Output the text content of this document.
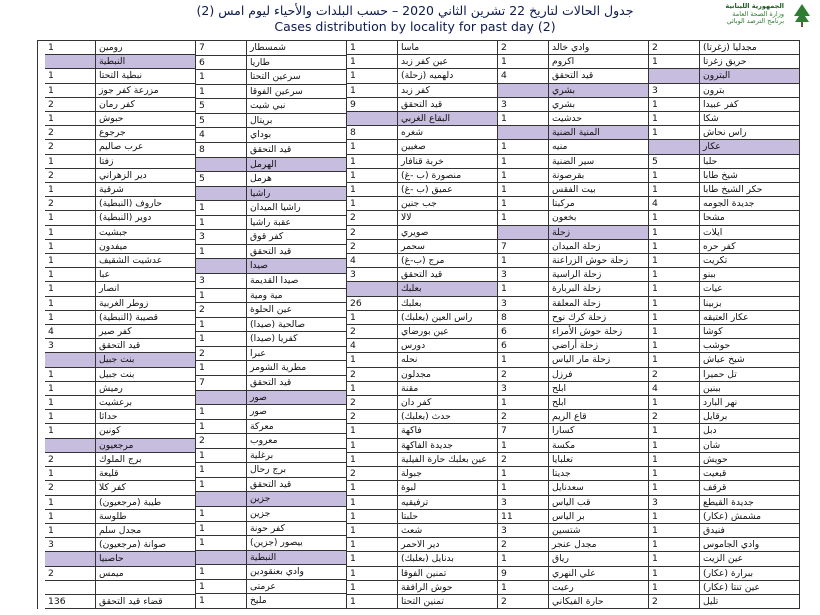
الجمهورية اللبنانية
وزارة الصحة العامة
برنامج الترصد الوبائي
جدول الحالات لتاريخ 22 تشرين الثاني 2020 – حسب البلدات والأحياء ليوم امس (2)
Cases distribution by locality for past day (2)
مجدليا (زغرتا)
حريق زغرتا
البترون
بترون
كفر عبيدا
شكا
راس نحاش
عكار
حلبا
شيخ طابا
حكر الشيخ طابا
جديدة الجومه
مشحا
ايلات
كفر حره
تكريت
ببنو
عيات
بزبينا
عكار العتيقه
كوشا
حوشب
شيخ عياش
تل حميرا
ببنين
نهر البارد
برقايل
دبل
شان
حويش
قبعيت
قرقف
جديدة القيطع
مشمش (عكار)
فنيدق
وادي الجاموس
عين الزيت
ببرارة (عكار)
عين تنتا (عكار)
تليل
2
1
3
1
1
1
5
1
1
4
1
1
1
1
1
1
1
1
1
1
1
2
4
1
2
1
1
1
1
1
3
1
1
1
1
1
1
2
وادي خالد
اكروم
قيد التحقق
بشري
بشري
حدشيت
المنية الضنية
منيه
سير الضنية
بقرصونة
بيت الفقس
مركبتا
بخعون
زحلة
زحلة الميدان
زحلة حوش الزراعنة
زحلة الراسية
زحلة البربارة
زحلة المعلقة
زحلة كرك نوح
زحلة حوش الأمراء
زحلة أراضي
زحلة مار الياس
فرزل
ابلح
ابلح
قاع الريم
كسارا
مكسة
تعلبايا
جديتا
سعدنايل
قب الياس
بر الياس
شتسين
مجدل عنجر
رياق
علي النهري
رعيت
حارة الفيكاني
2
1
4
3
1
1
1
1
1
1
1
7
1
3
1
3
8
6
6
1
2
3
1
2
7
1
2
1
1
3
11
3
2
1
9
1
2
ماسا
عين كفر زبد
دلهميه (زحلة)
كفر زبد
قيد التحقق
البقاع الغربي
شغره
صغبين
خربة قنافار
منصورة (ب -غ)
عميق (ب -غ)
جب جنين
لالا
صويري
سحمر
مرج (ب-غ)
قيد التحقق
بعلبك
بعلبك
راس العين (بعلبك)
عين بورضاي
دورس
نحله
مجدلون
مقنة
كفر دان
حدث (بعلبك)
فاكهة
جديدة الفاكهة
عين بعلبك حارة الفيلية
جبولة
لبوة
ترفيقيه
حلبتا
شعث
دير الاحمر
بدنايل (بعلبك)
تمنين الفوقا
حوش الرافقة
تمنين التحتا
1
1
1
1
9
8
1
1
1
1
1
2
2
2
4
3
26
1
2
4
1
2
1
2
2
1
1
1
2
1
1
1
1
1
1
1
1
1
شمسطار
طاريا
سرعين التحتا
سرعين الفوقا
نبي شيت
بريتال
بوداي
قيد التحقق
الهرمل
هرمل
راشيا
راشيا الميدان
عقبة راشيا
كفر قوق
قيد التحقق
صيدا
صيدا القديمة
مية ومية
عين الحلوة
صالحية (صيدا)
كفريا (صيدا)
عبرا
مطرية الشومر
قيد التحقق
صور
صور
معركة
معروب
برغلية
برج رحال
قيد التحقق
جزين
جزين
كفر حونة
بيصور (جزين)
النبطية
وادي بعنقودين
عرمتى
مليخ
7
6
1
1
5
5
4
8
5
1
1
3
1
3
1
2
1
1
2
1
7
1
1
2
1
1
1
1
1
1
1
1
1
رومين
النبطية
نبطية التحتا
مزرعة كفر جوز
كفر رمان
حبوش
جرجوع
عرب صاليم
زفتا
دير الزهراني
شرقية
حاروف (النبطية)
دوير (النبطية)
جبشيت
ميفدون
عدشيت الشقيف
عبا
انصار
زوطر الغربية
قصيبة (النبطية)
كفر صير
قيد التحقق
بنت جبيل
بنت جبيل
رميش
برعشيت
حداثا
كونين
مرجعيون
برج الملوك
قليعة
كفر كلا
طيبة (مرجعيون)
طلوسة
مجدل سلم
صوانة (مرجعيون)
حاصبيا
ميمس
قضاء قيد التحقق
1
1
1
2
1
2
2
1
2
1
2
1
1
1
1
1
1
1
1
4
3
1
1
1
1
1
2
1
2
1
1
1
3
2
136
